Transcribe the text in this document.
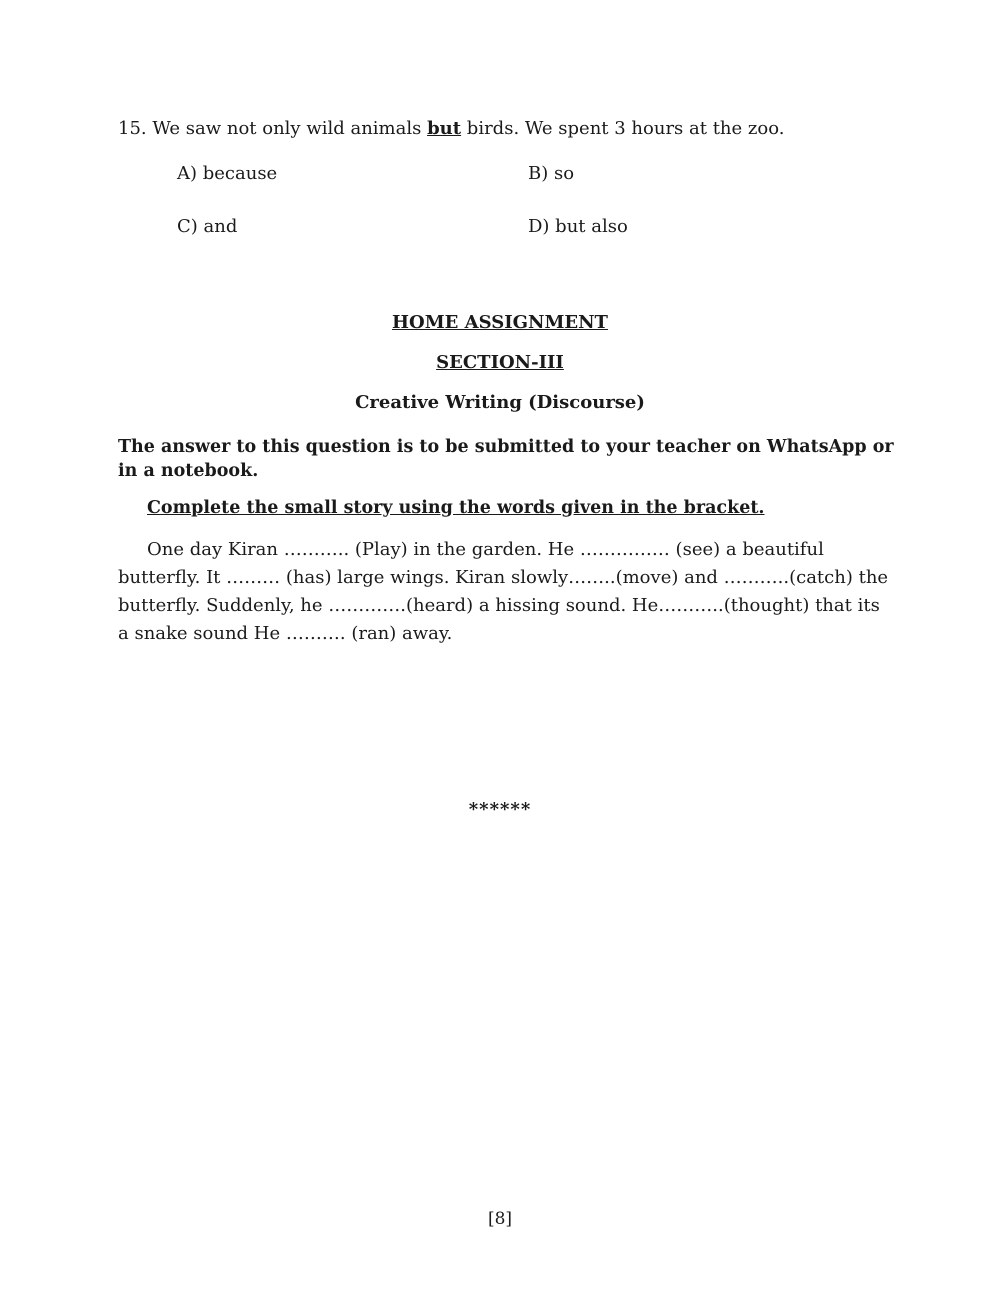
15. We saw not only wild animals but birds. We spent 3 hours at the zoo.

A) because	B) so
C) and	D) but also
HOME ASSIGNMENT
SECTION-III
Creative Writing (Discourse)

The answer to this question is to be submitted to your teacher on WhatsApp or in a notebook.

Complete the small story using the words given in the bracket.

One day Kiran ……….. (Play) in the garden. He …………… (see) a beautiful butterfly. It ……… (has) large wings. Kiran slowly……..(move) and ………..(catch) the butterfly. Suddenly, he ………….(heard) a hissing sound. He………..(thought) that its a snake sound He ………. (ran) away.

******
[8]
